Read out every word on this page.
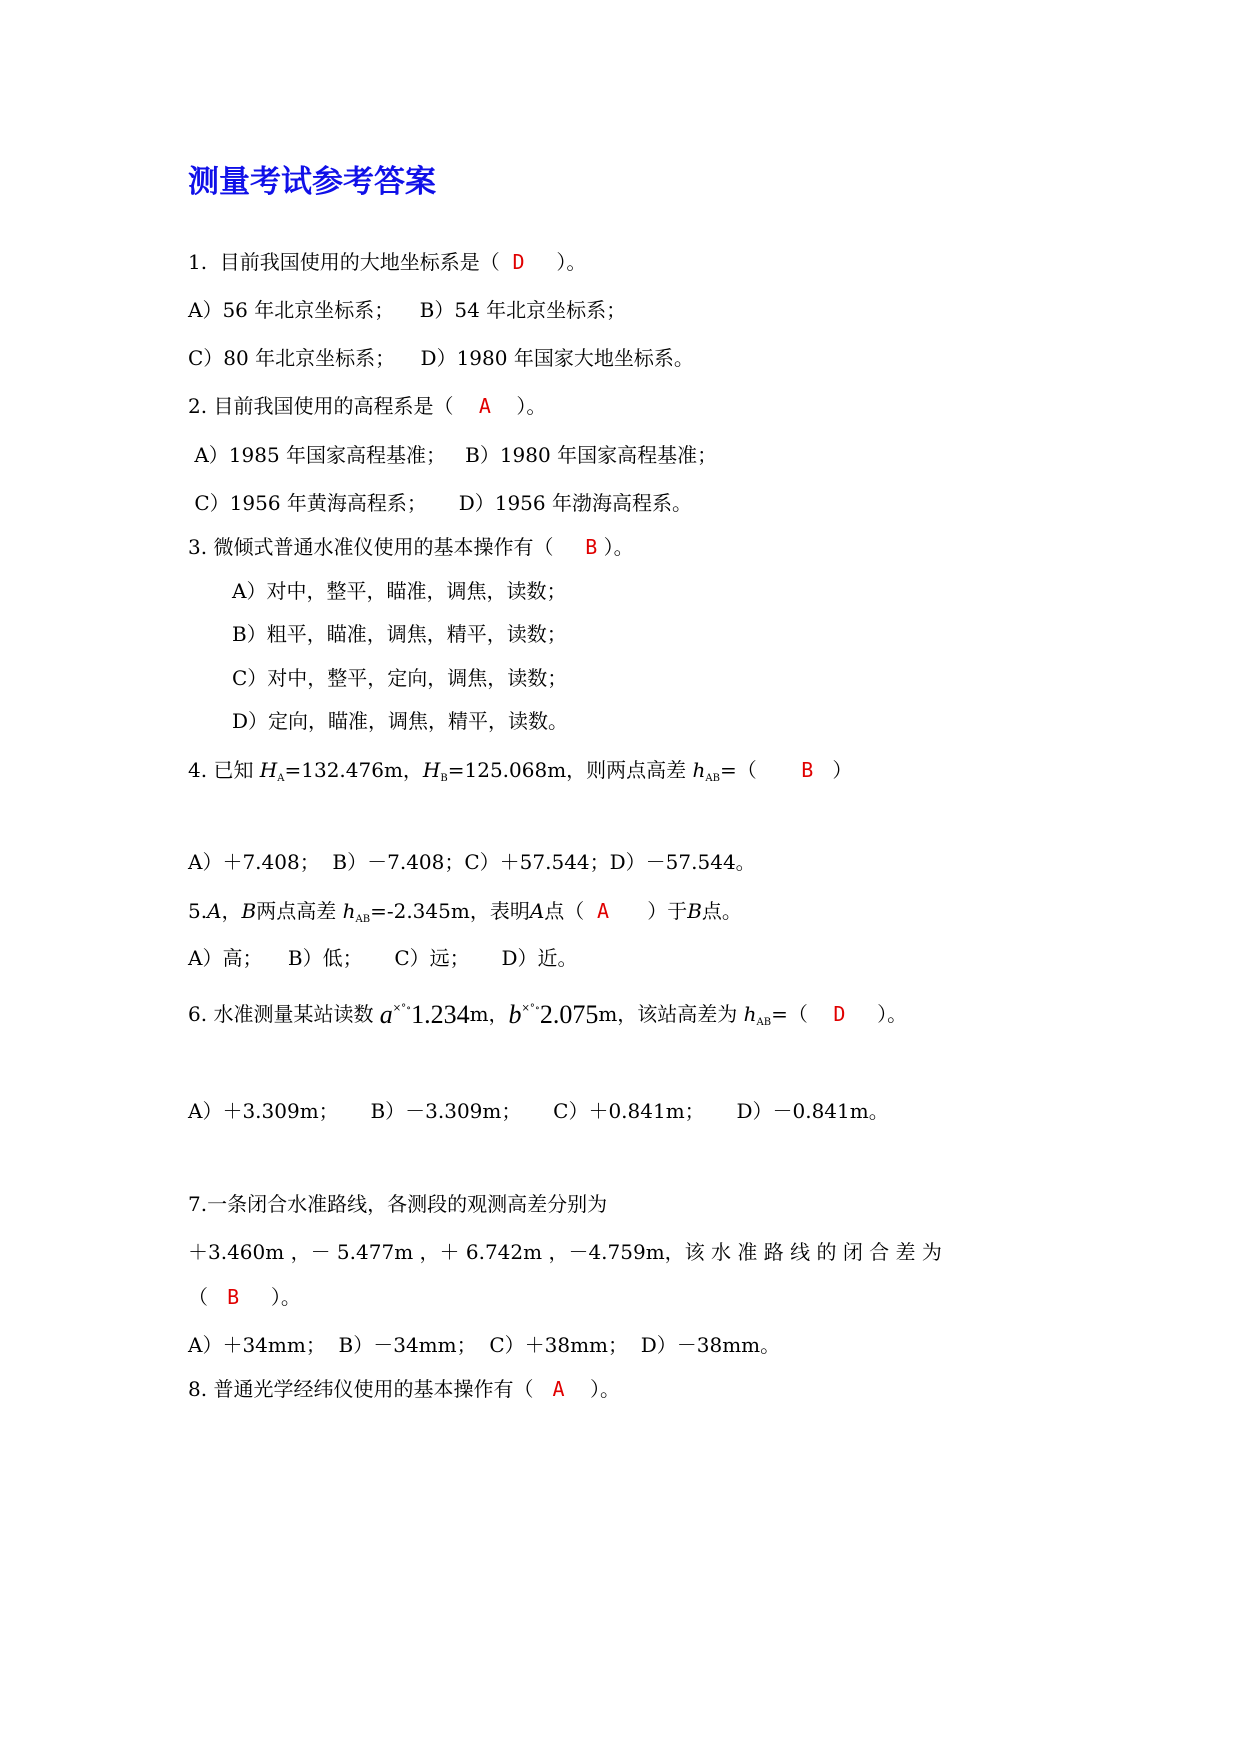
测量考试参考答案
1.  目前我国使用的大地坐标系是（  D     ）。
A）56 年北京坐标系；    B）54 年北京坐标系；
C）80 年北京坐标系；    D）1980 年国家大地坐标系。
2. 目前我国使用的高程系是（    A    ）。
A）1985 年国家高程基准；   B）1980 年国家高程基准；
C）1956 年黄海高程系；     D）1956 年渤海高程系。
3. 微倾式普通水准仪使用的基本操作有（     B ）。
A）对中，整平，瞄准，调焦，读数；
B）粗平，瞄准，调焦，精平，读数；
C）对中，整平，定向，调焦，读数；
D）定向，瞄准，调焦，精平，读数。
4. 已知 $H_A=132.476m$，$H_B=125.068m$，则两点高差 $h_{AB}=$（       B   ）
A）＋7.408；  B）－7.408；C）＋57.544；D）－57.544。
5.A，B两点高差 $h_{AB}=-2.345m$，表明A点（  A      ）于B点。
A）高；    B）低；     C）远；     D）近。
6. 水准测量某站读数 a×°∘1.234m，b×°∘2.075m，该站高差为 $h_{AB}=$（    D     ）。
A）＋3.309m；     B）－3.309m；     C）＋0.841m；     D）－0.841m。
7.一条闭合水准路线，各测段的观测高差分别为
＋3.460m ，－ 5.477m ，＋ 6.742m ，－4.759m，该 水 准 路 线 的 闭 合 差 为
（   B     ）。
A）＋34mm；  B）－34mm；  C）＋38mm；  D）－38mm。
8. 普通光学经纬仪使用的基本操作有（   A    ）。
